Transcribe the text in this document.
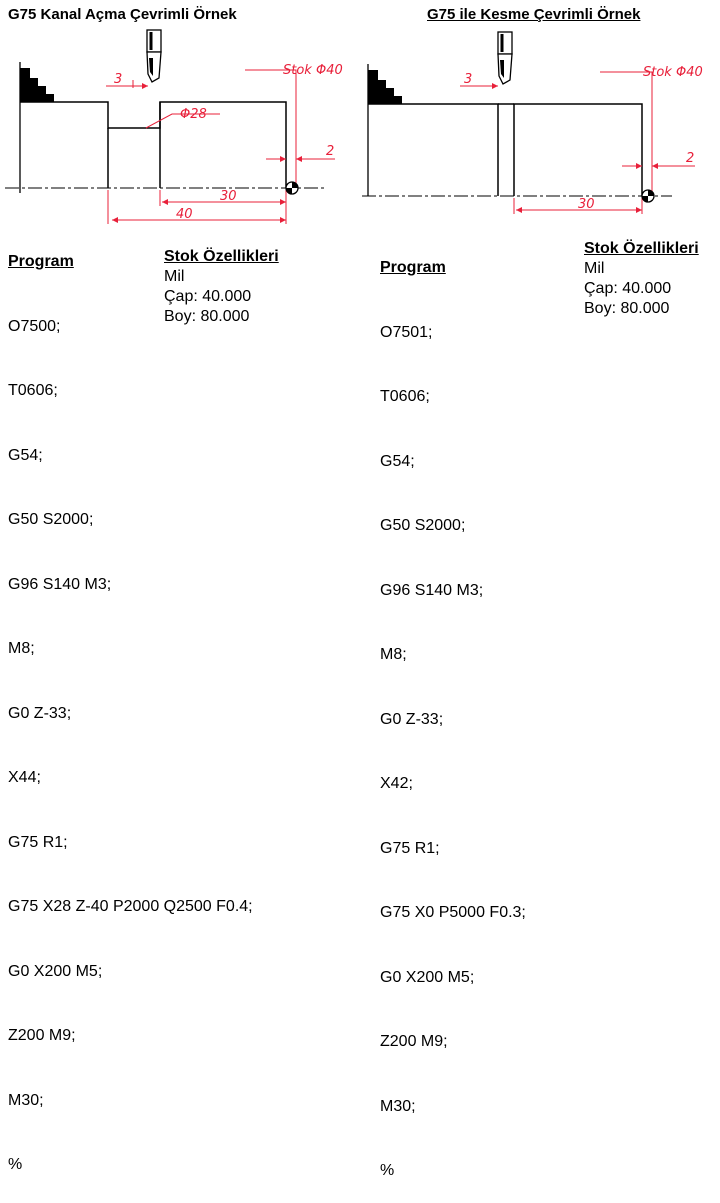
G75 Kanal Açma Çevrimli Örnek
Stok Φ40
3
Φ28
2
30
40

Program

O7500;

T0606;

G54;

G50 S2000;

G96 S140 M3;

M8;

G0 Z-33;

X44;

G75 R1;

G75 X28 Z-40 P2000 Q2500 F0.4;

G0 X200 M5;

Z200 M9;

M30;

%

Stok Özellikleri
Mil
Çap: 40.000
Boy: 80.000
G75 ile Kesme Çevrimli Örnek
Stok Φ40
3
2
30

Program

O7501;

T0606;

G54;

G50 S2000;

G96 S140 M3;

M8;

G0 Z-33;

X42;

G75 R1;

G75 X0 P5000 F0.3;

G0 X200 M5;

Z200 M9;

M30;

%

Stok Özellikleri
Mil
Çap: 40.000
Boy: 80.000
